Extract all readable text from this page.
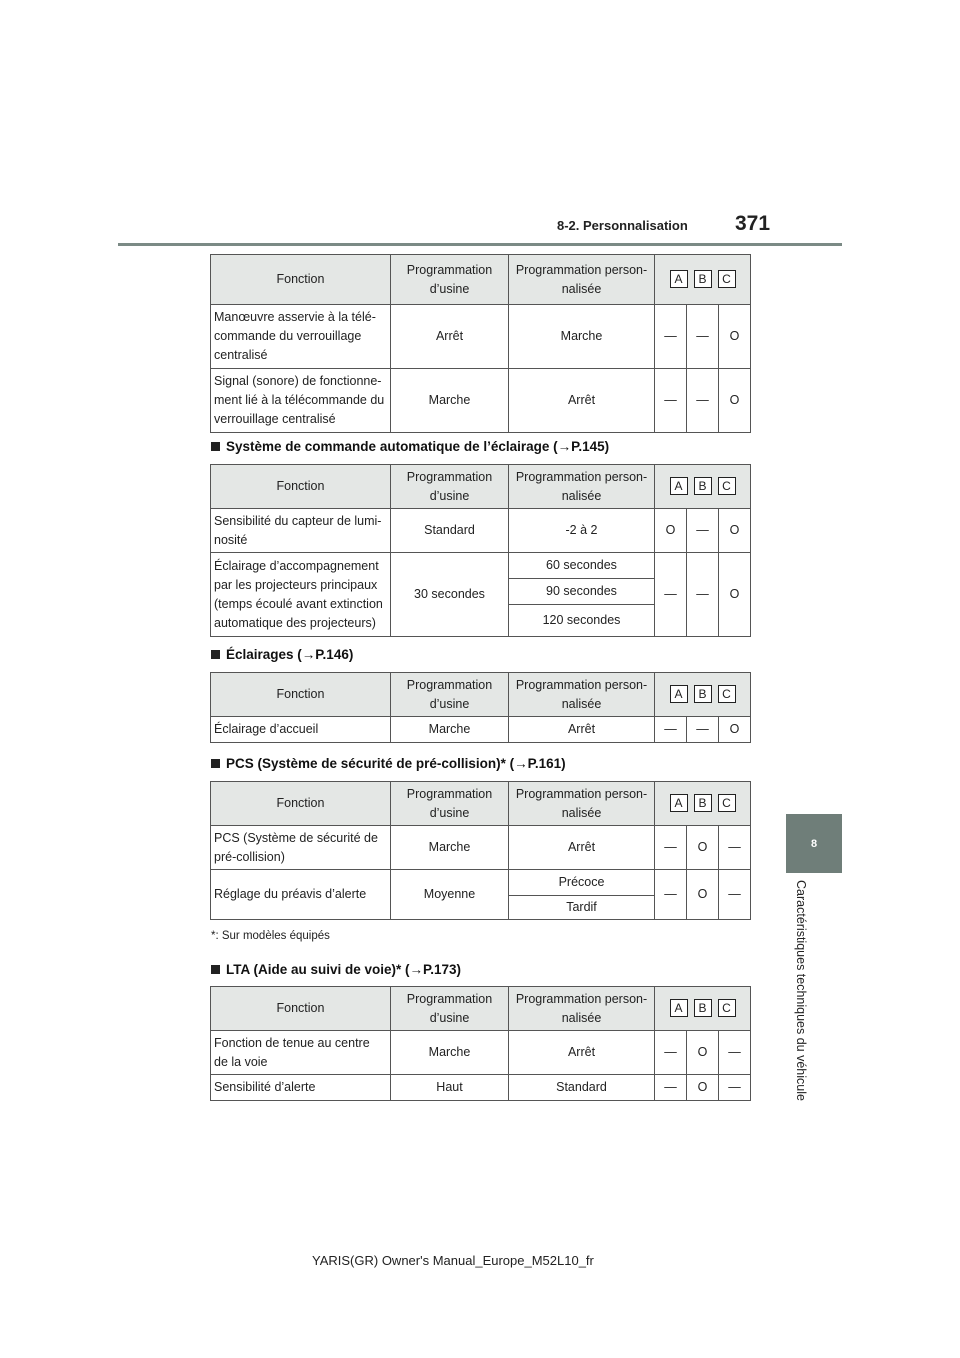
8-2. Personnalisation 371
8
Caractéristiques techniques du véhicule
Fonction	Programmation d’usine	Programmation person-nalisée	A B C		
Manœuvre asservie à la télé-commande du verrouillage centralisé	Arrêt	Marche	—	—	O
Signal (sonore) de fonctionne-ment lié à la télécommande du verrouillage centralisé	Marche	Arrêt	—	—	O
Système de commande automatique de l’éclairage (→P.145)
Fonction	Programmation d’usine	Programmation person-nalisée	A B C		
Sensibilité du capteur de lumi-nosité	Standard	-2 à 2	O	—	O
Éclairage d’accompagnement par les projecteurs principaux (temps écoulé avant extinction automatique des projecteurs)	30 secondes	60 secondes	—	—	O
		90 secondes			
		120 secondes			
Éclairages (→P.146)
Fonction	Programmation d’usine	Programmation person-nalisée	A B C		
Éclairage d’accueil	Marche	Arrêt	—	—	O
PCS (Système de sécurité de pré-collision)* (→P.161)
Fonction	Programmation d’usine	Programmation person-nalisée	A B C		
PCS (Système de sécurité de pré-collision)	Marche	Arrêt	—	O	—
Réglage du préavis d’alerte	Moyenne	Précoce	—	O	—
		Tardif			
*: Sur modèles équipés
LTA (Aide au suivi de voie)* (→P.173)
Fonction	Programmation d’usine	Programmation person-nalisée	A B C		
Fonction de tenue au centre de la voie	Marche	Arrêt	—	O	—
Sensibilité d’alerte	Haut	Standard	—	O	—
YARIS(GR) Owner's Manual_Europe_M52L10_fr
